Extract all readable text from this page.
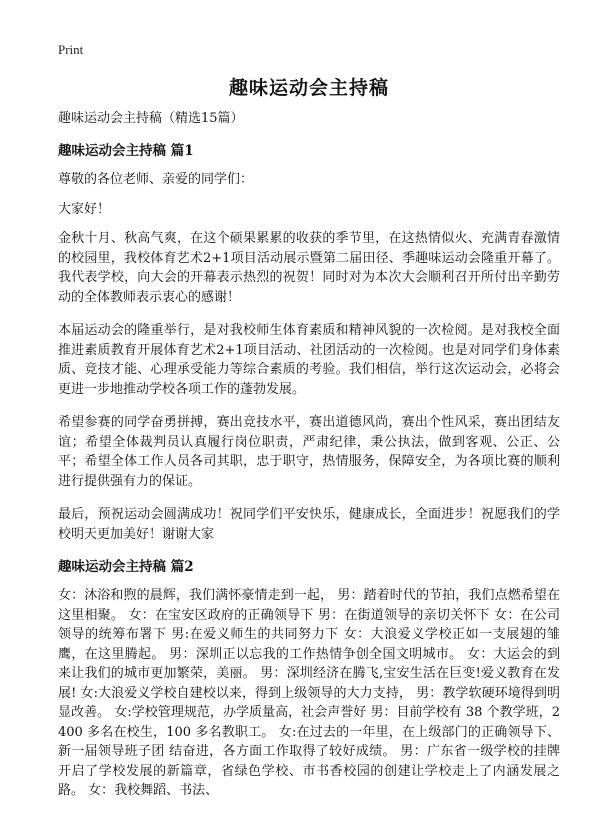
Print
趣味运动会主持稿
趣味运动会主持稿（精选15篇）
趣味运动会主持稿 篇1

尊敬的各位老师、亲爱的同学们：

大家好！

金秋十月、秋高气爽，在这个硕果累累的收获的季节里，在这热情似火、充满青春激情的校园里，我校体育艺术2+1项目活动展示暨第二届田径、季趣味运动会隆重开幕了。我代表学校，向大会的开幕表示热烈的祝贺！同时对为本次大会顺利召开所付出辛勤劳动的全体教师表示衷心的感谢！

本届运动会的隆重举行，是对我校师生体育素质和精神风貌的一次检阅。是对我校全面推进素质教育开展体育艺术2+1项目活动、社团活动的一次检阅。也是对同学们身体素质、竞技才能、心理承受能力等综合素质的考验。我们相信，举行这次运动会，必将会更进一步地推动学校各项工作的蓬勃发展。

希望参赛的同学奋勇拼搏，赛出竞技水平，赛出道德风尚，赛出个性风采，赛出团结友谊；希望全体裁判员认真履行岗位职责，严肃纪律，秉公执法，做到客观、公正、公平；希望全体工作人员各司其职，忠于职守，热情服务，保障安全，为各项比赛的顺利进行提供强有力的保证。

最后，预祝运动会圆满成功！祝同学们平安快乐，健康成长，全面进步！祝愿我们的学校明天更加美好！谢谢大家

趣味运动会主持稿 篇2

女：沐浴和煦的晨辉，我们满怀豪情走到一起， 男：踏着时代的节拍，我们点燃希望在这里相聚。 女：在宝安区政府的正确领导下 男：在街道领导的亲切关怀下 女：在公司领导的统筹布署下 男:在爱义师生的共同努力下 女：大浪爱义学校正如一支展翅的雏鹰，在这里腾起。 男：深圳正以忘我的工作热情争创全国文明城市。 女：大运会的到来让我们的城市更加繁荣，美丽。 男：深圳经济在腾飞,宝安生活在巨变!爱义教育在发展! 女:大浪爱义学校自建校以来，得到上级领导的大力支持， 男：教学软硬环境得到明显改善。 女:学校管理规范，办学质量高，社会声誉好 男：目前学校有 38 个教学班，2400 多名在校生，100 多名教职工。 女:在过去的一年里，在上级部门的正确领导下、新一届领导班子团 结奋进，各方面工作取得了较好成绩。 男：广东省一级学校的挂牌开启了学校发展的新篇章，省绿色学校、市书香校园的创建让学校走上了内涵发展之路。 女：我校舞蹈、书法、
